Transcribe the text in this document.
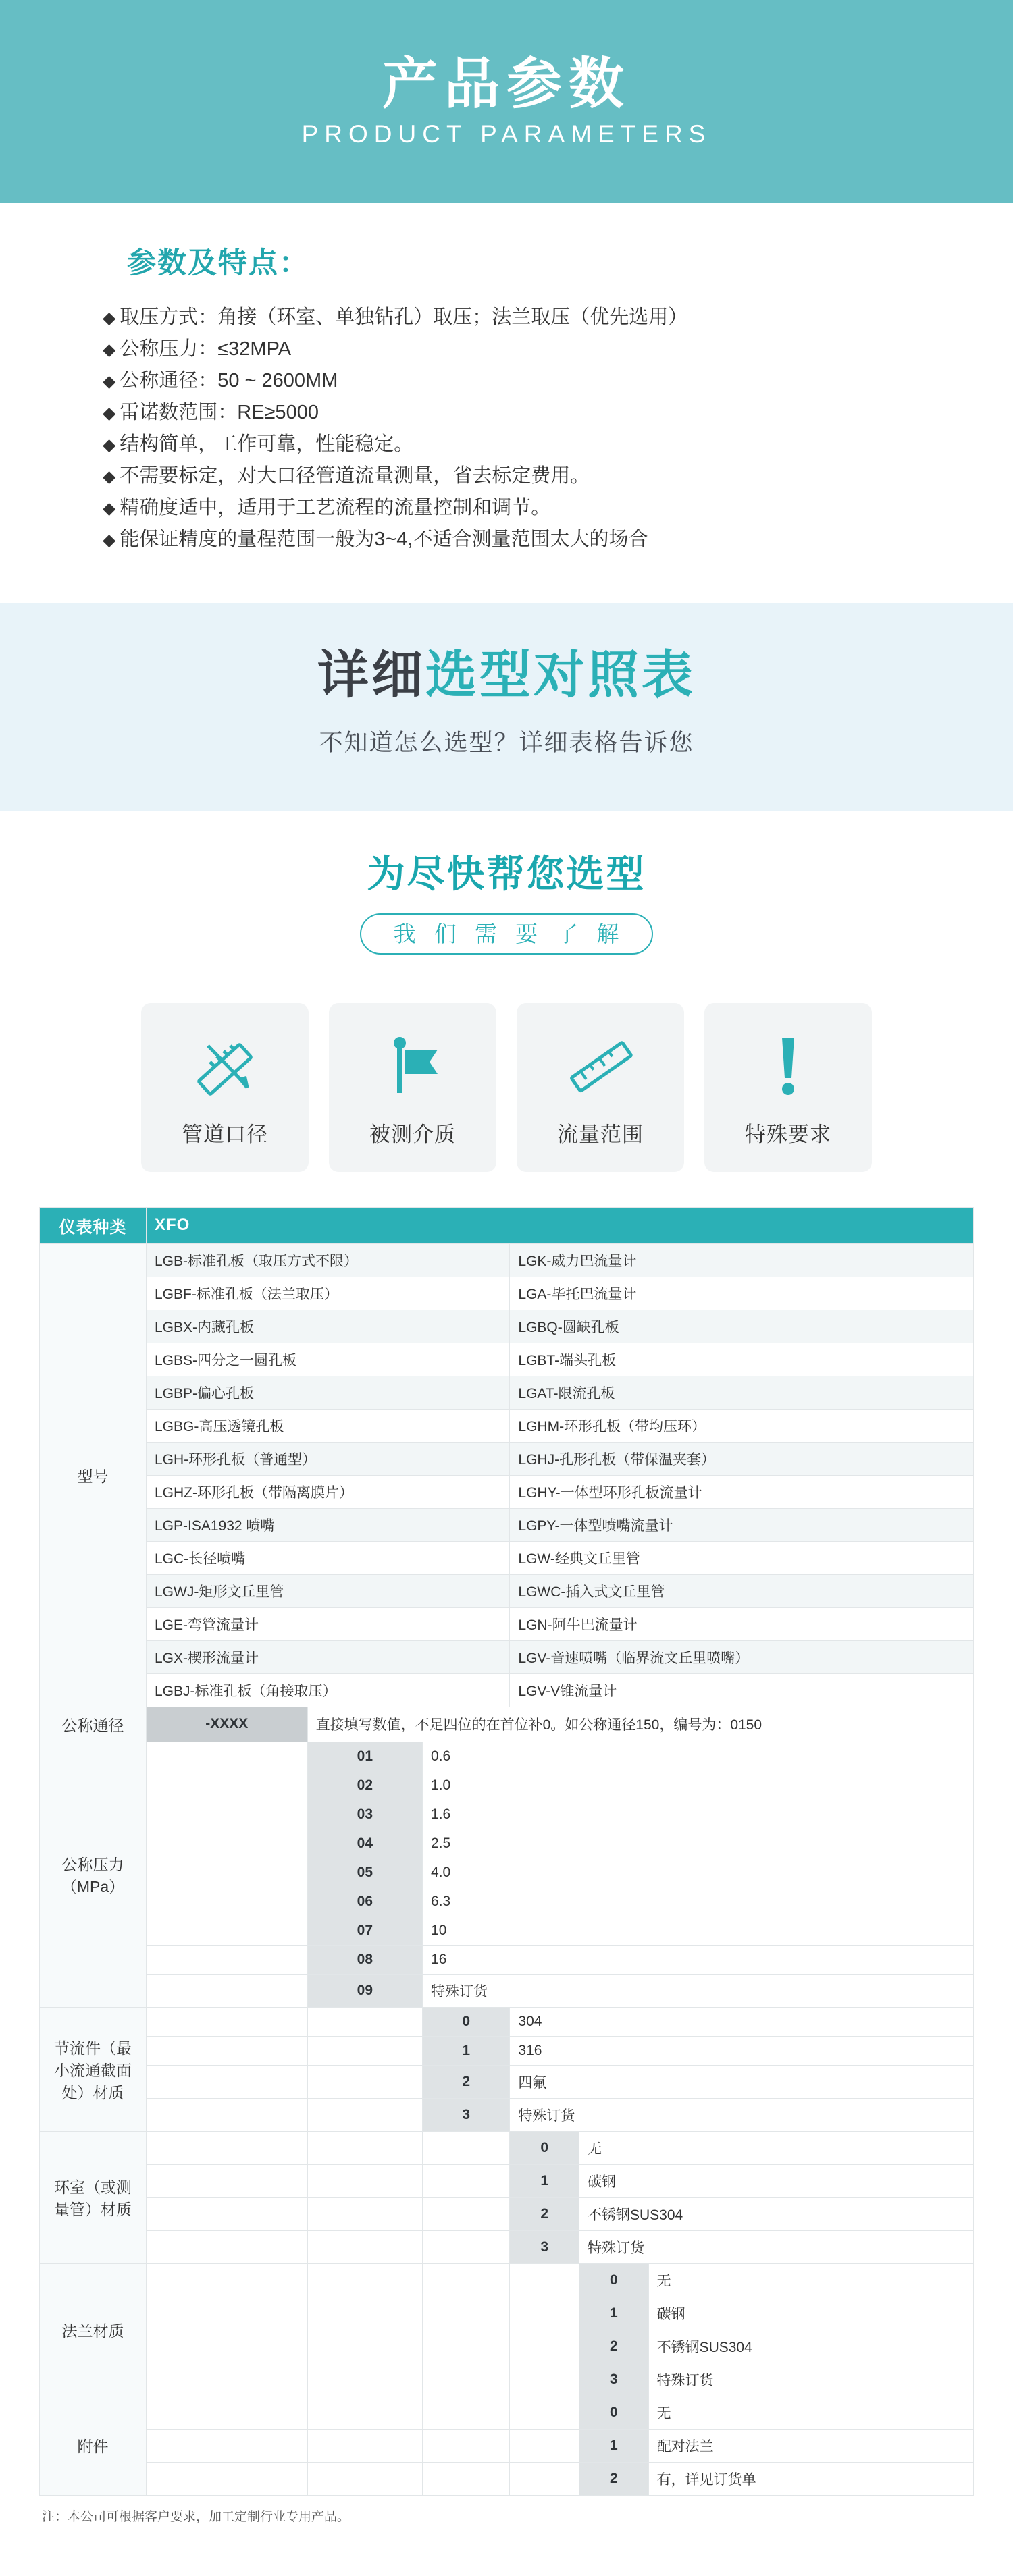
产品参数
PRODUCT PARAMETERS
参数及特点：
◆ 取压方式：角接（环室、单独钻孔）取压；法兰取压（优先选用）
◆ 公称压力：≤32MPA
◆ 公称通径：50 ~ 2600MM
◆ 雷诺数范围：RE≥5000
◆ 结构简单，工作可靠，性能稳定。
◆ 不需要标定，对大口径管道流量测量，省去标定费用。
◆ 精确度适中，适用于工艺流程的流量控制和调节。
◆ 能保证精度的量程范围一般为3~4,不适合测量范围太大的场合
详细选型对照表
不知道怎么选型？详细表格告诉您
为尽快帮您选型
我 们 需 要 了 解
管道口径	被测介质	流量范围	特殊要求
仪表种类	XFO					
型号	LGB-标准孔板（取压方式不限）			LGK-威力巴流量计		
	LGBF-标准孔板（法兰取压）			LGA-毕托巴流量计		
	LGBX-内藏孔板			LGBQ-圆缺孔板		
	LGBS-四分之一圆孔板			LGBT-端头孔板		
	LGBP-偏心孔板			LGAT-限流孔板		
	LGBG-高压透镜孔板			LGHM-环形孔板（带均压环）		
	LGH-环形孔板（普通型）			LGHJ-孔形孔板（带保温夹套）		
	LGHZ-环形孔板（带隔离膜片）			LGHY-一体型环形孔板流量计		
	LGP-ISA1932 喷嘴			LGPY-一体型喷嘴流量计		
	LGC-长径喷嘴			LGW-经典文丘里管		
	LGWJ-矩形文丘里管			LGWC-插入式文丘里管		
	LGE-弯管流量计			LGN-阿牛巴流量计		
	LGX-楔形流量计			LGV-音速喷嘴（临界流文丘里喷嘴）		
	LGBJ-标准孔板（角接取压）			LGV-V锥流量计		
公称通径	-XXXX	直接填写数值，不足四位的在首位补0。如公称通径150，编号为：0150				
公称压力（MPa）		01	0.6			
		02	1.0			
		03	1.6			
		04	2.5			
		05	4.0			
		06	6.3			
		07	10			
		08	16			
		09	特殊订货			
节流件（最小流通截面处）材质			0	304		
			1	316		
			2	四氟		
			3	特殊订货		
环室（或测量管）材质				0	无	
				1	碳钢	
				2	不锈钢SUS304	
				3	特殊订货	
法兰材质					0	无
					1	碳钢
					2	不锈钢SUS304
					3	特殊订货
附件					0	无
					1	配对法兰
					2	有，详见订货单
注：本公司可根据客户要求，加工定制行业专用产品。
